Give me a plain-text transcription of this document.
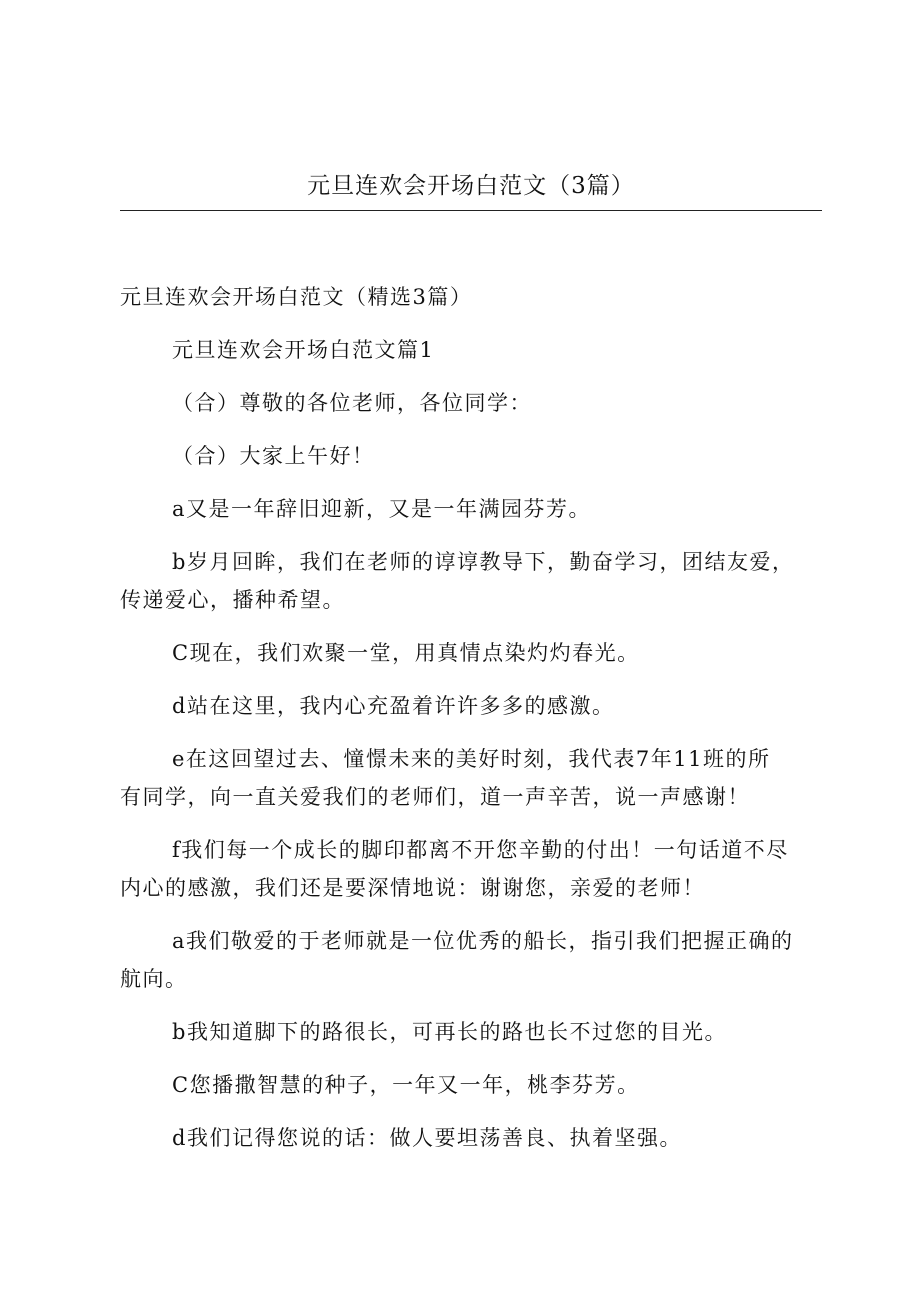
元旦连欢会开场白范文（3篇）

元旦连欢会开场白范文（精选3篇）

元旦连欢会开场白范文篇1

（合）尊敬的各位老师，各位同学：

（合）大家上午好！

a又是一年辞旧迎新，又是一年满园芬芳。

b岁月回眸，我们在老师的谆谆教导下，勤奋学习，团结友爱，

传递爱心，播种希望。

C现在，我们欢聚一堂，用真情点染灼灼春光。

d站在这里，我内心充盈着许许多多的感激。

e在这回望过去、憧憬未来的美好时刻，我代表7年11班的所

有同学，向一直关爱我们的老师们，道一声辛苦，说一声感谢！

f我们每一个成长的脚印都离不开您辛勤的付出！一句话道不尽

内心的感激，我们还是要深情地说：谢谢您，亲爱的老师！

a我们敬爱的于老师就是一位优秀的船长，指引我们把握正确的

航向。

b我知道脚下的路很长，可再长的路也长不过您的目光。

C您播撒智慧的种子，一年又一年，桃李芬芳。

d我们记得您说的话：做人要坦荡善良、执着坚强。
